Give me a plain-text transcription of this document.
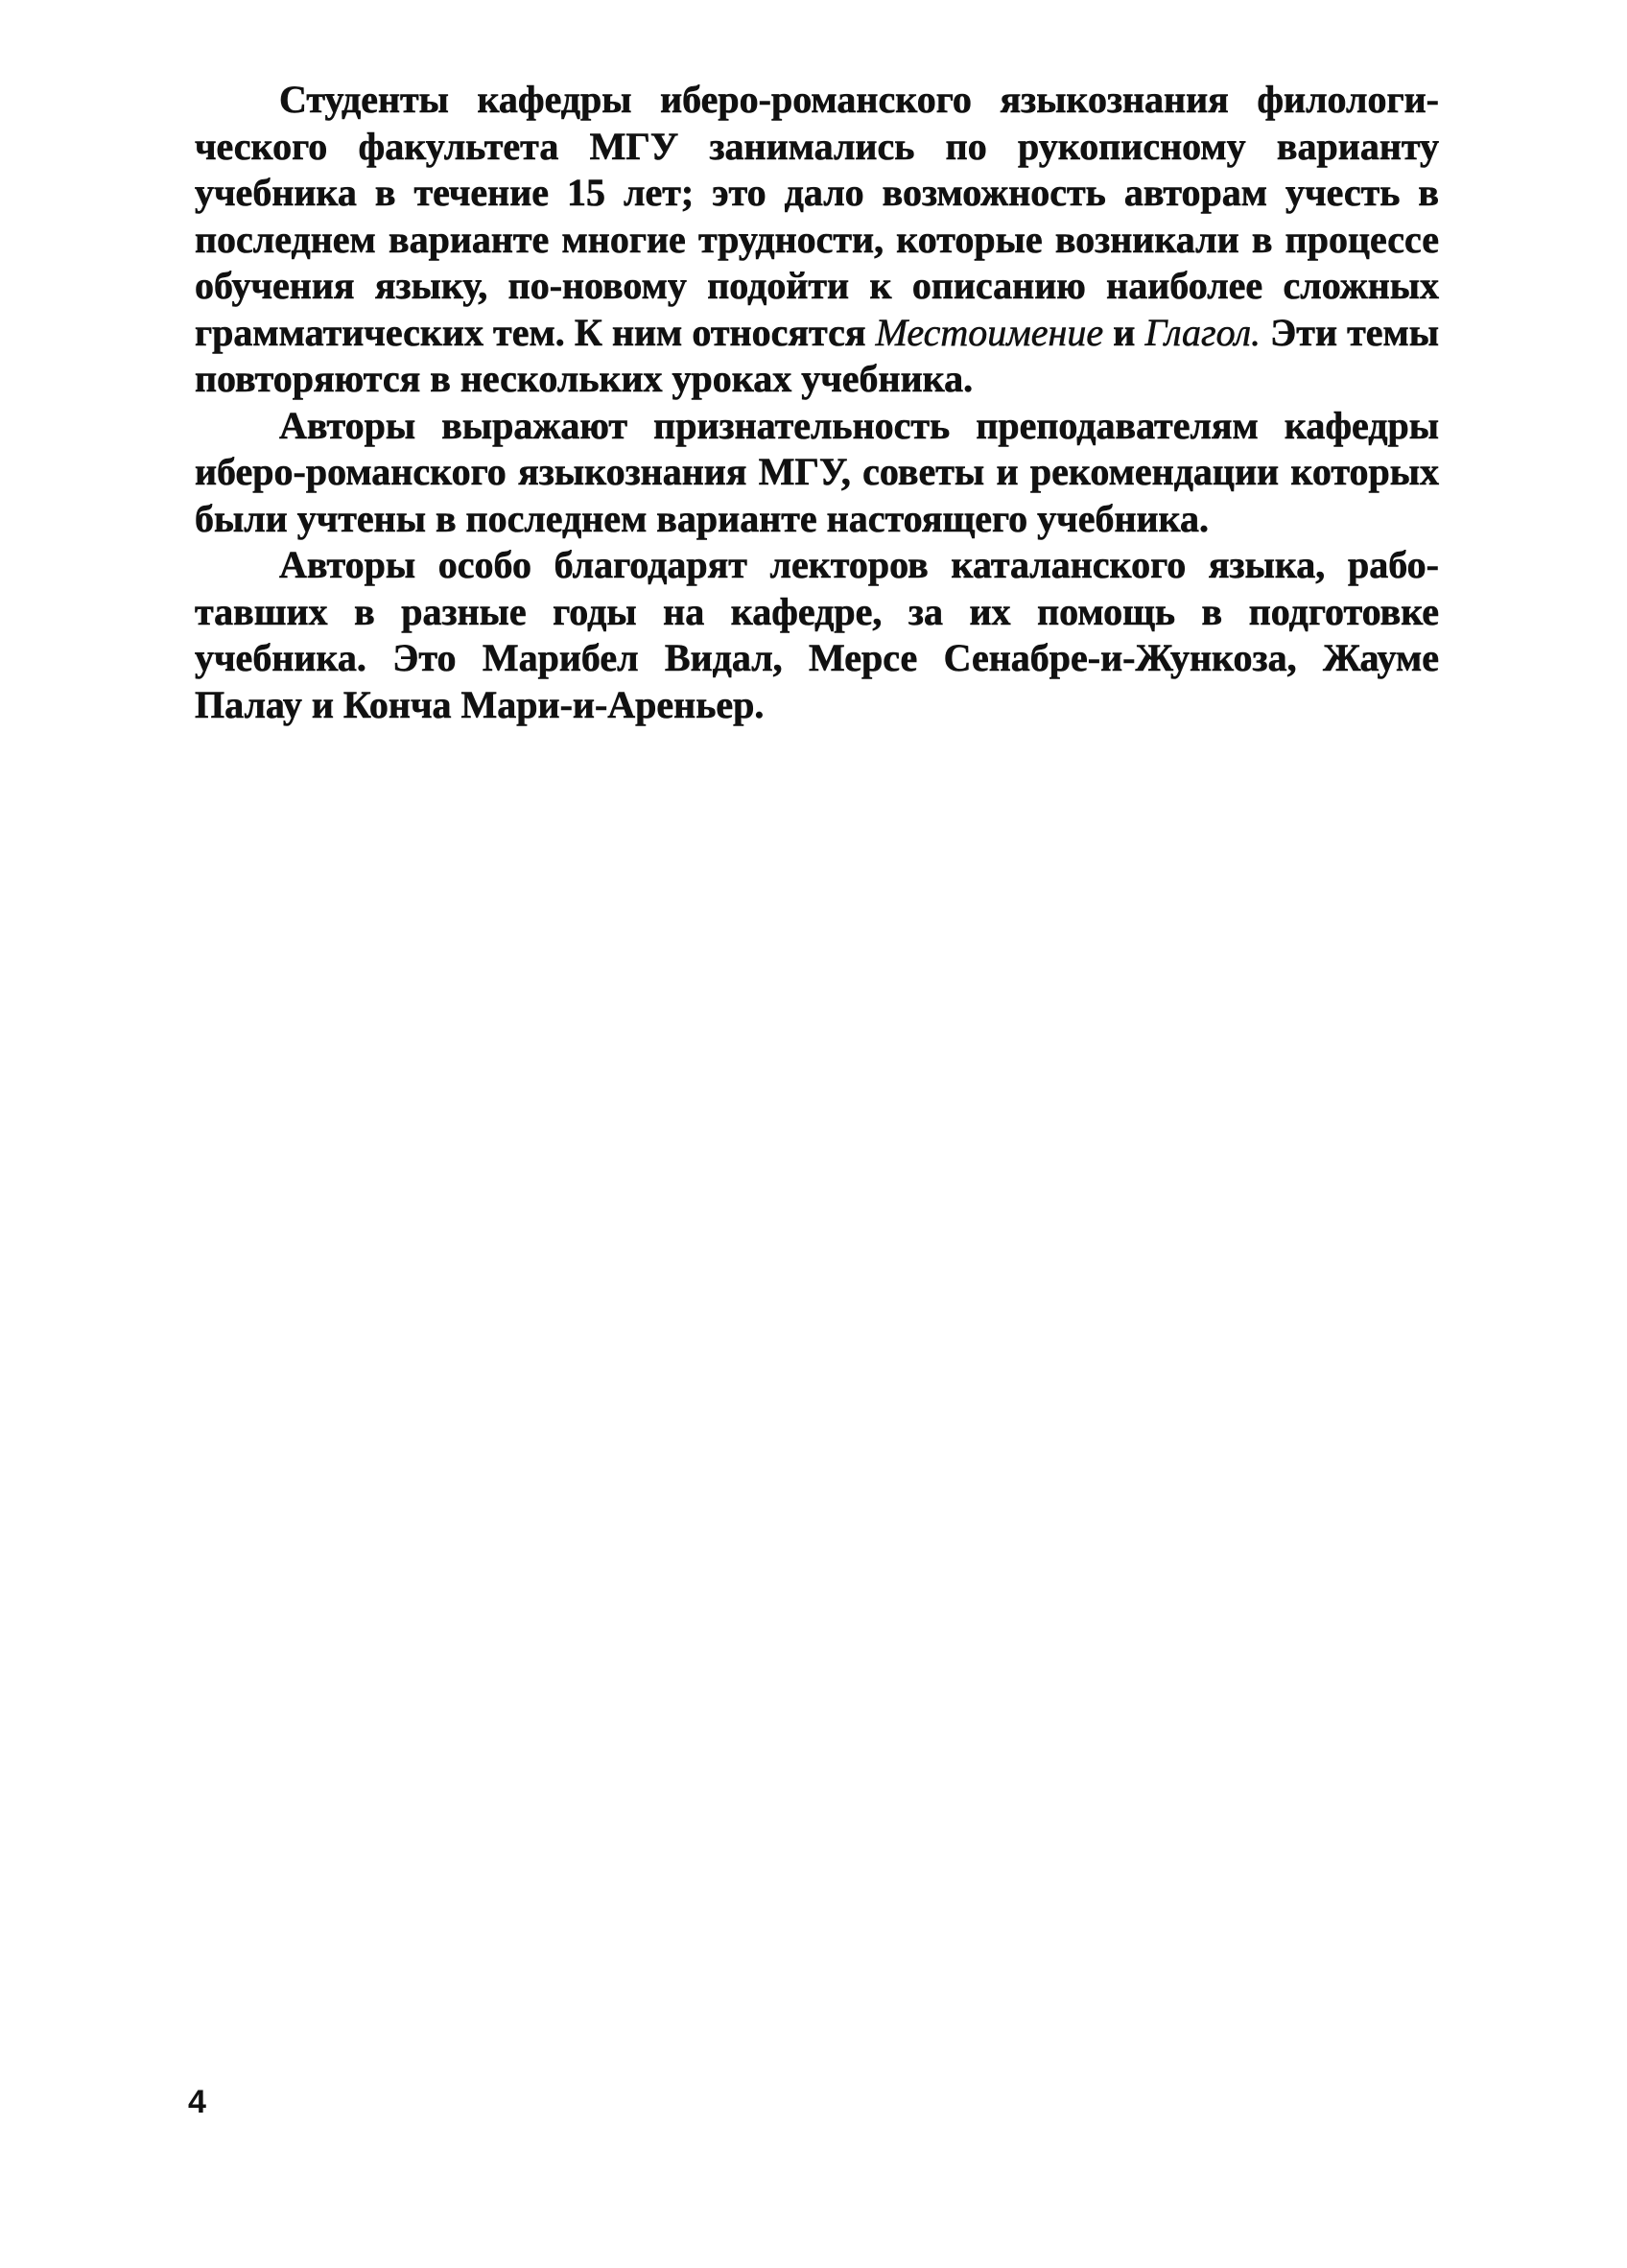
Студенты кафедры иберо-романского языкознания филологического факультета МГУ занимались по рукописному варианту учебника в течение 15 лет; это дало возможность авторам учесть в последнем варианте многие трудности, которые возникали в процессе обучения языку, по-новому подойти к описанию наиболее сложных грамматических тем. К ним относятся Местоимение и Глагол. Эти темы повторяются в нескольких уроках учебника.

Авторы выражают признательность преподавателям кафедры иберо-романского языкознания МГУ, советы и рекомендации которых были учтены в последнем варианте настоящего учебника.

Авторы особо благодарят лекторов каталанского языка, работавших в разные годы на кафедре, за их помощь в подготовке учебника. Это Марибел Видал, Мерсе Сенабре-и-Жункоза, Жауме Палау и Конча Мари-и-Ареньер.

4
